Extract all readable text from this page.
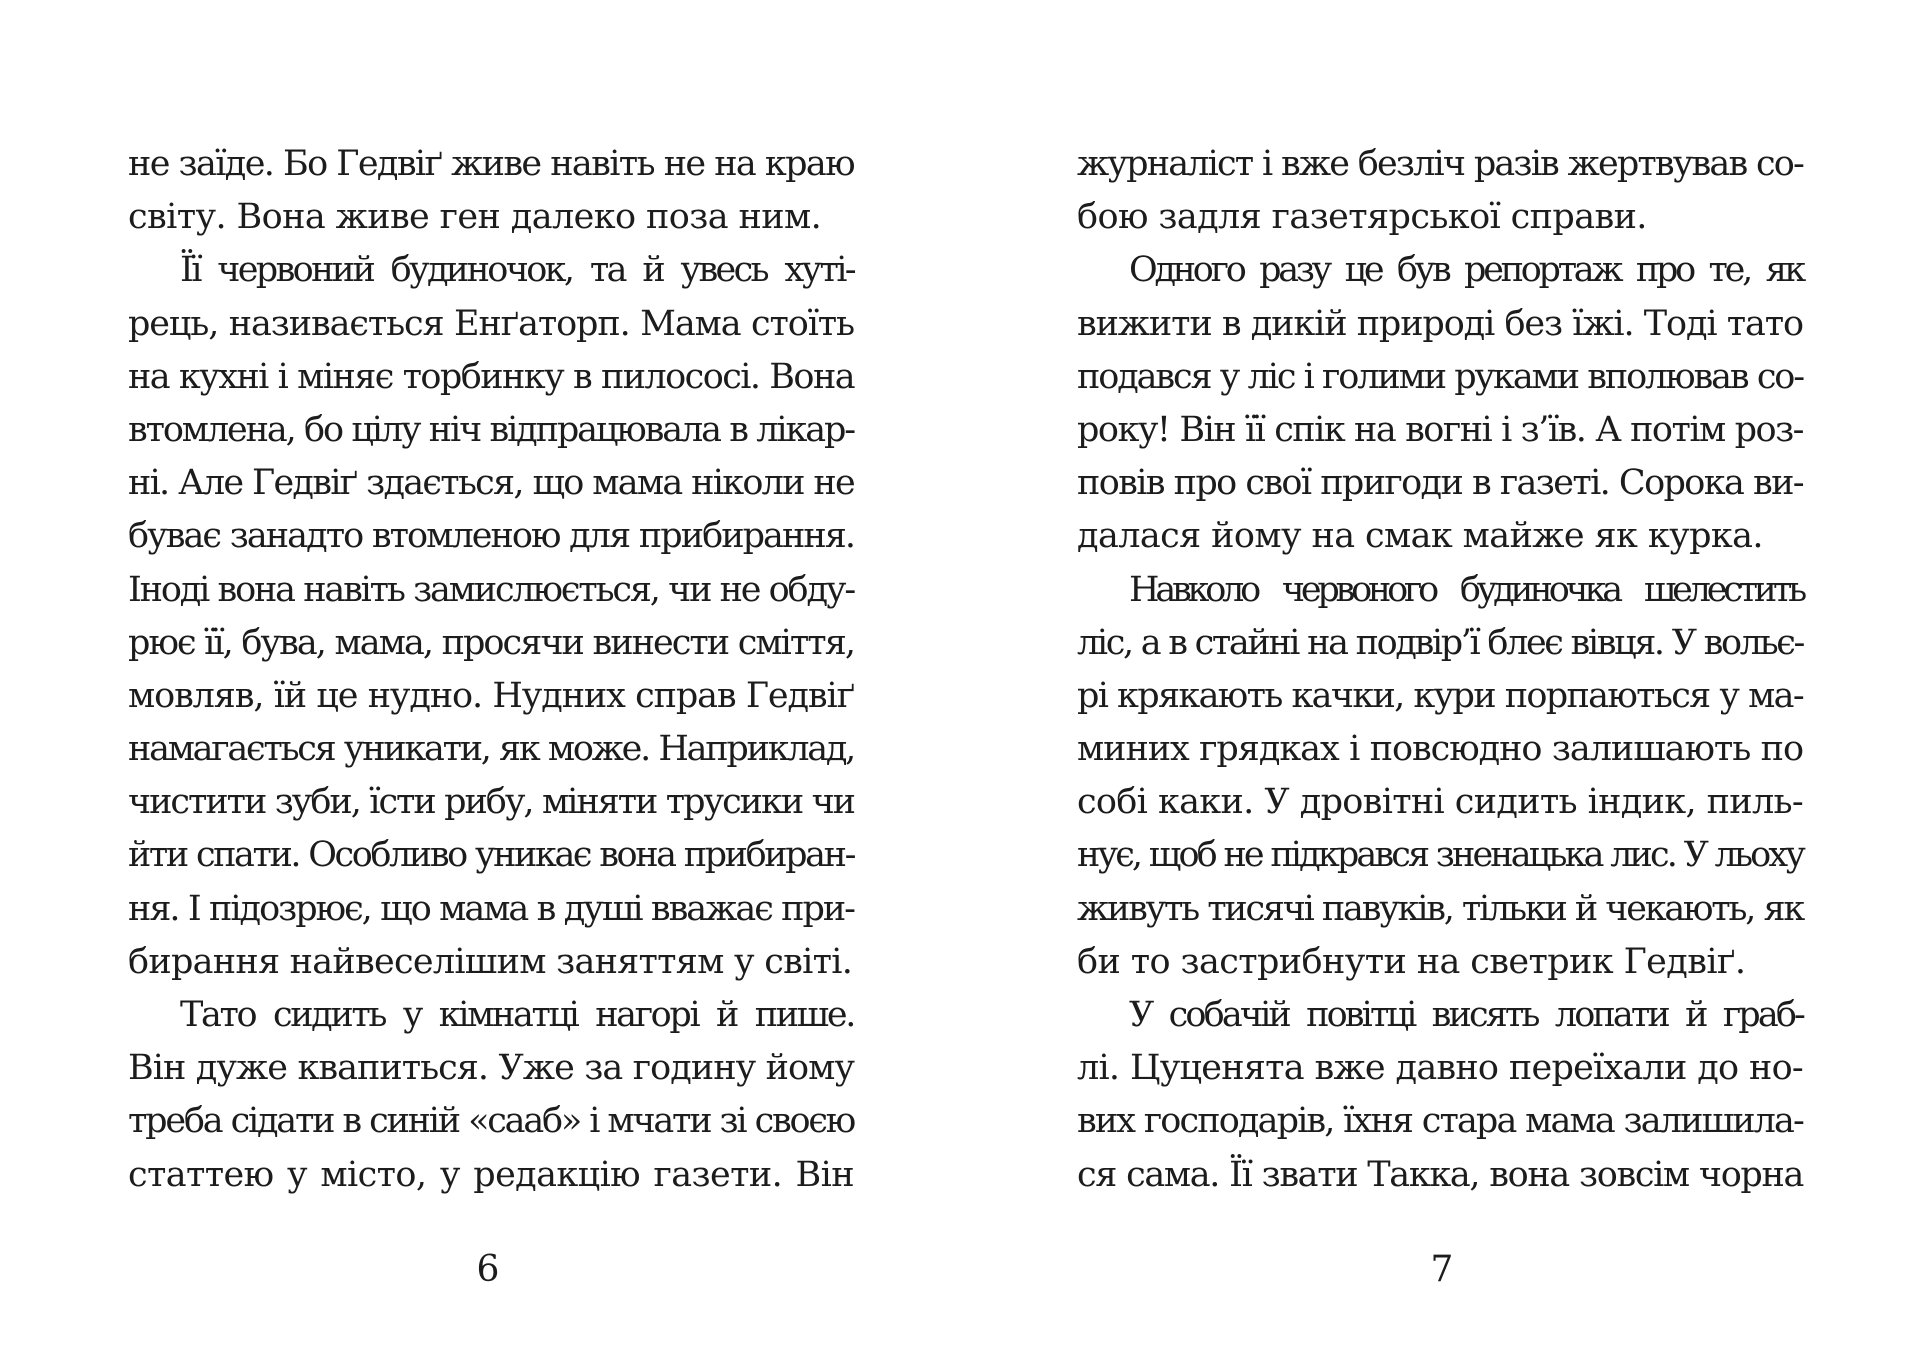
не заїде. Бо Гедвіґ живе навіть не на краю
світу. Вона живе ген далеко поза ним.
Її червоний будиночок, та й увесь хуті-
рець, називається Енґаторп. Мама стоїть
на кухні і міняє торбинку в пилососі. Вона
втомлена, бо цілу ніч відпрацювала в лікар-
ні. Але Гедвіґ здається, що мама ніколи не
буває занадто втомленою для прибирання.
Іноді вона навіть замислюється, чи не обду-
рює її, бува, мама, просячи винести сміття,
мовляв, їй це нудно. Нудних справ Гедвіґ
намагається уникати, як може. Наприклад,
чистити зуби, їсти рибу, міняти трусики чи
йти спати. Особливо уникає вона прибиран-
ня. І підозрює, що мама в душі вважає при-
бирання найвеселішим заняттям у світі.
Тато сидить у кімнатці нагорі й пише.
Він дуже квапиться. Уже за годину йому
треба сідати в синій «сааб» і мчати зі своєю
статтею у місто, у редакцію газети. Він
6
журналіст і вже безліч разів жертвував со-
бою задля газетярської справи.
Одного разу це був репортаж про те, як
вижити в дикій природі без їжі. Тоді тато
подався у ліс і голими руками вполював со-
року! Він її спік на вогні і з’їв. А потім роз-
повів про свої пригоди в газеті. Сорока ви-
далася йому на смак майже як курка.
Навколо червоного будиночка шелестить
ліс, а в стайні на подвір’ї блеє вівця. У вольє-
рі крякають качки, кури порпаються у ма-
миних грядках і повсюдно залишають по
собі каки. У дровітні сидить індик, пиль-
нує, щоб не підкрався зненацька лис. У льоху
живуть тисячі павуків, тільки й чекають, як
би то застрибнути на светрик Гедвіґ.
У собачій повітці висять лопати й граб-
лі. Цуценята вже давно переїхали до но-
вих господарів, їхня стара мама залишила-
ся сама. Її звати Такка, вона зовсім чорна
7
